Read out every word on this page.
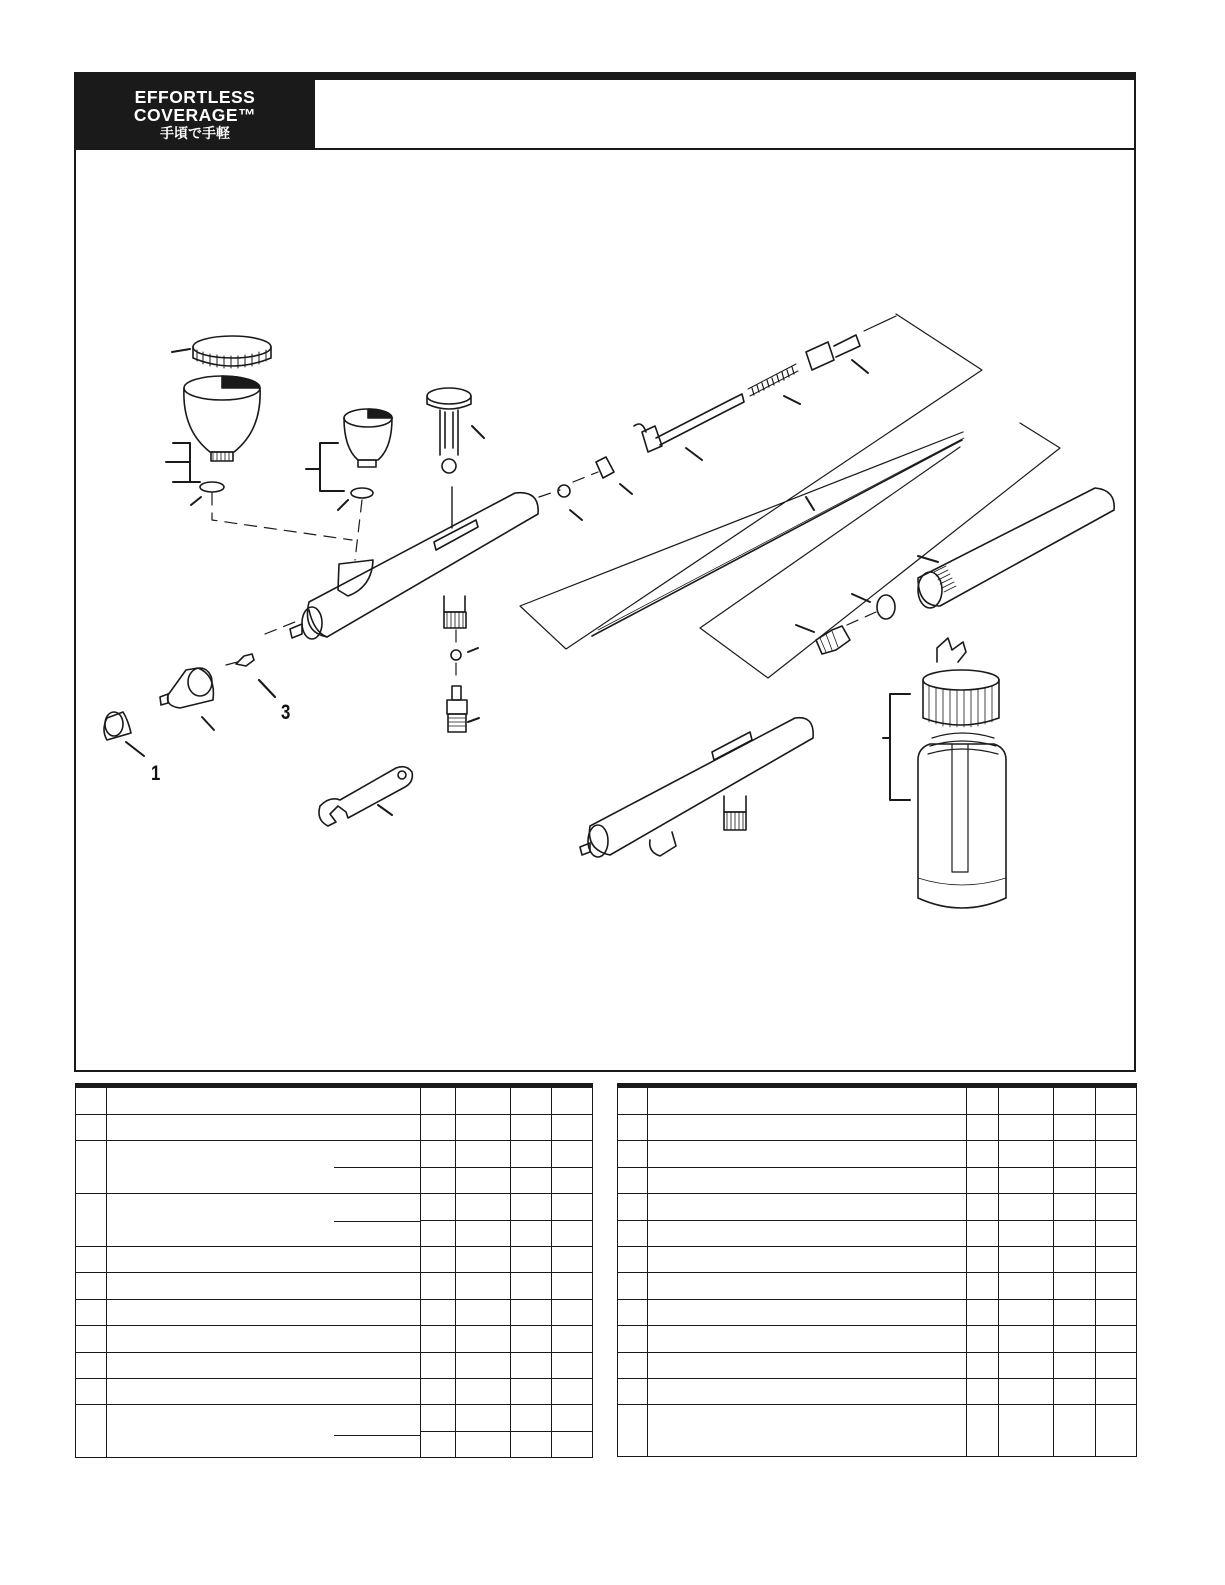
EFFORTLESS
COVERAGE™
手頃で手軽
1
3
